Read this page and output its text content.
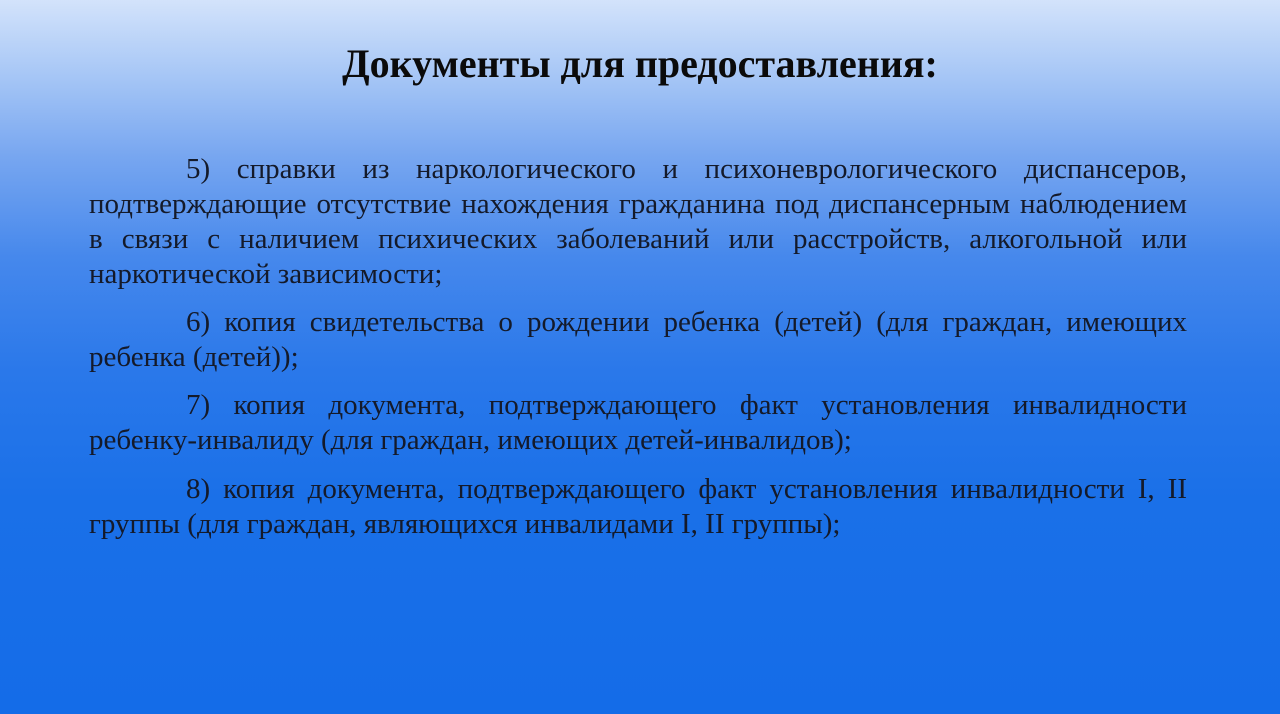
Документы для предоставления:

5) справки из наркологического и психоневрологического диспансеров, подтверждающие отсутствие нахождения гражданина под диспансерным наблюдением в связи с наличием психических заболеваний или расстройств, алкогольной или наркотической зависимости;

6) копия свидетельства о рождении ребенка (детей) (для граждан, имеющих ребенка (детей));

7) копия документа, подтверждающего факт установления инвалидности ребенку-инвалиду (для граждан, имеющих детей-инвалидов);

8) копия документа, подтверждающего факт установления инвалидности I, II группы (для граждан, являющихся инвалидами I, II группы);
